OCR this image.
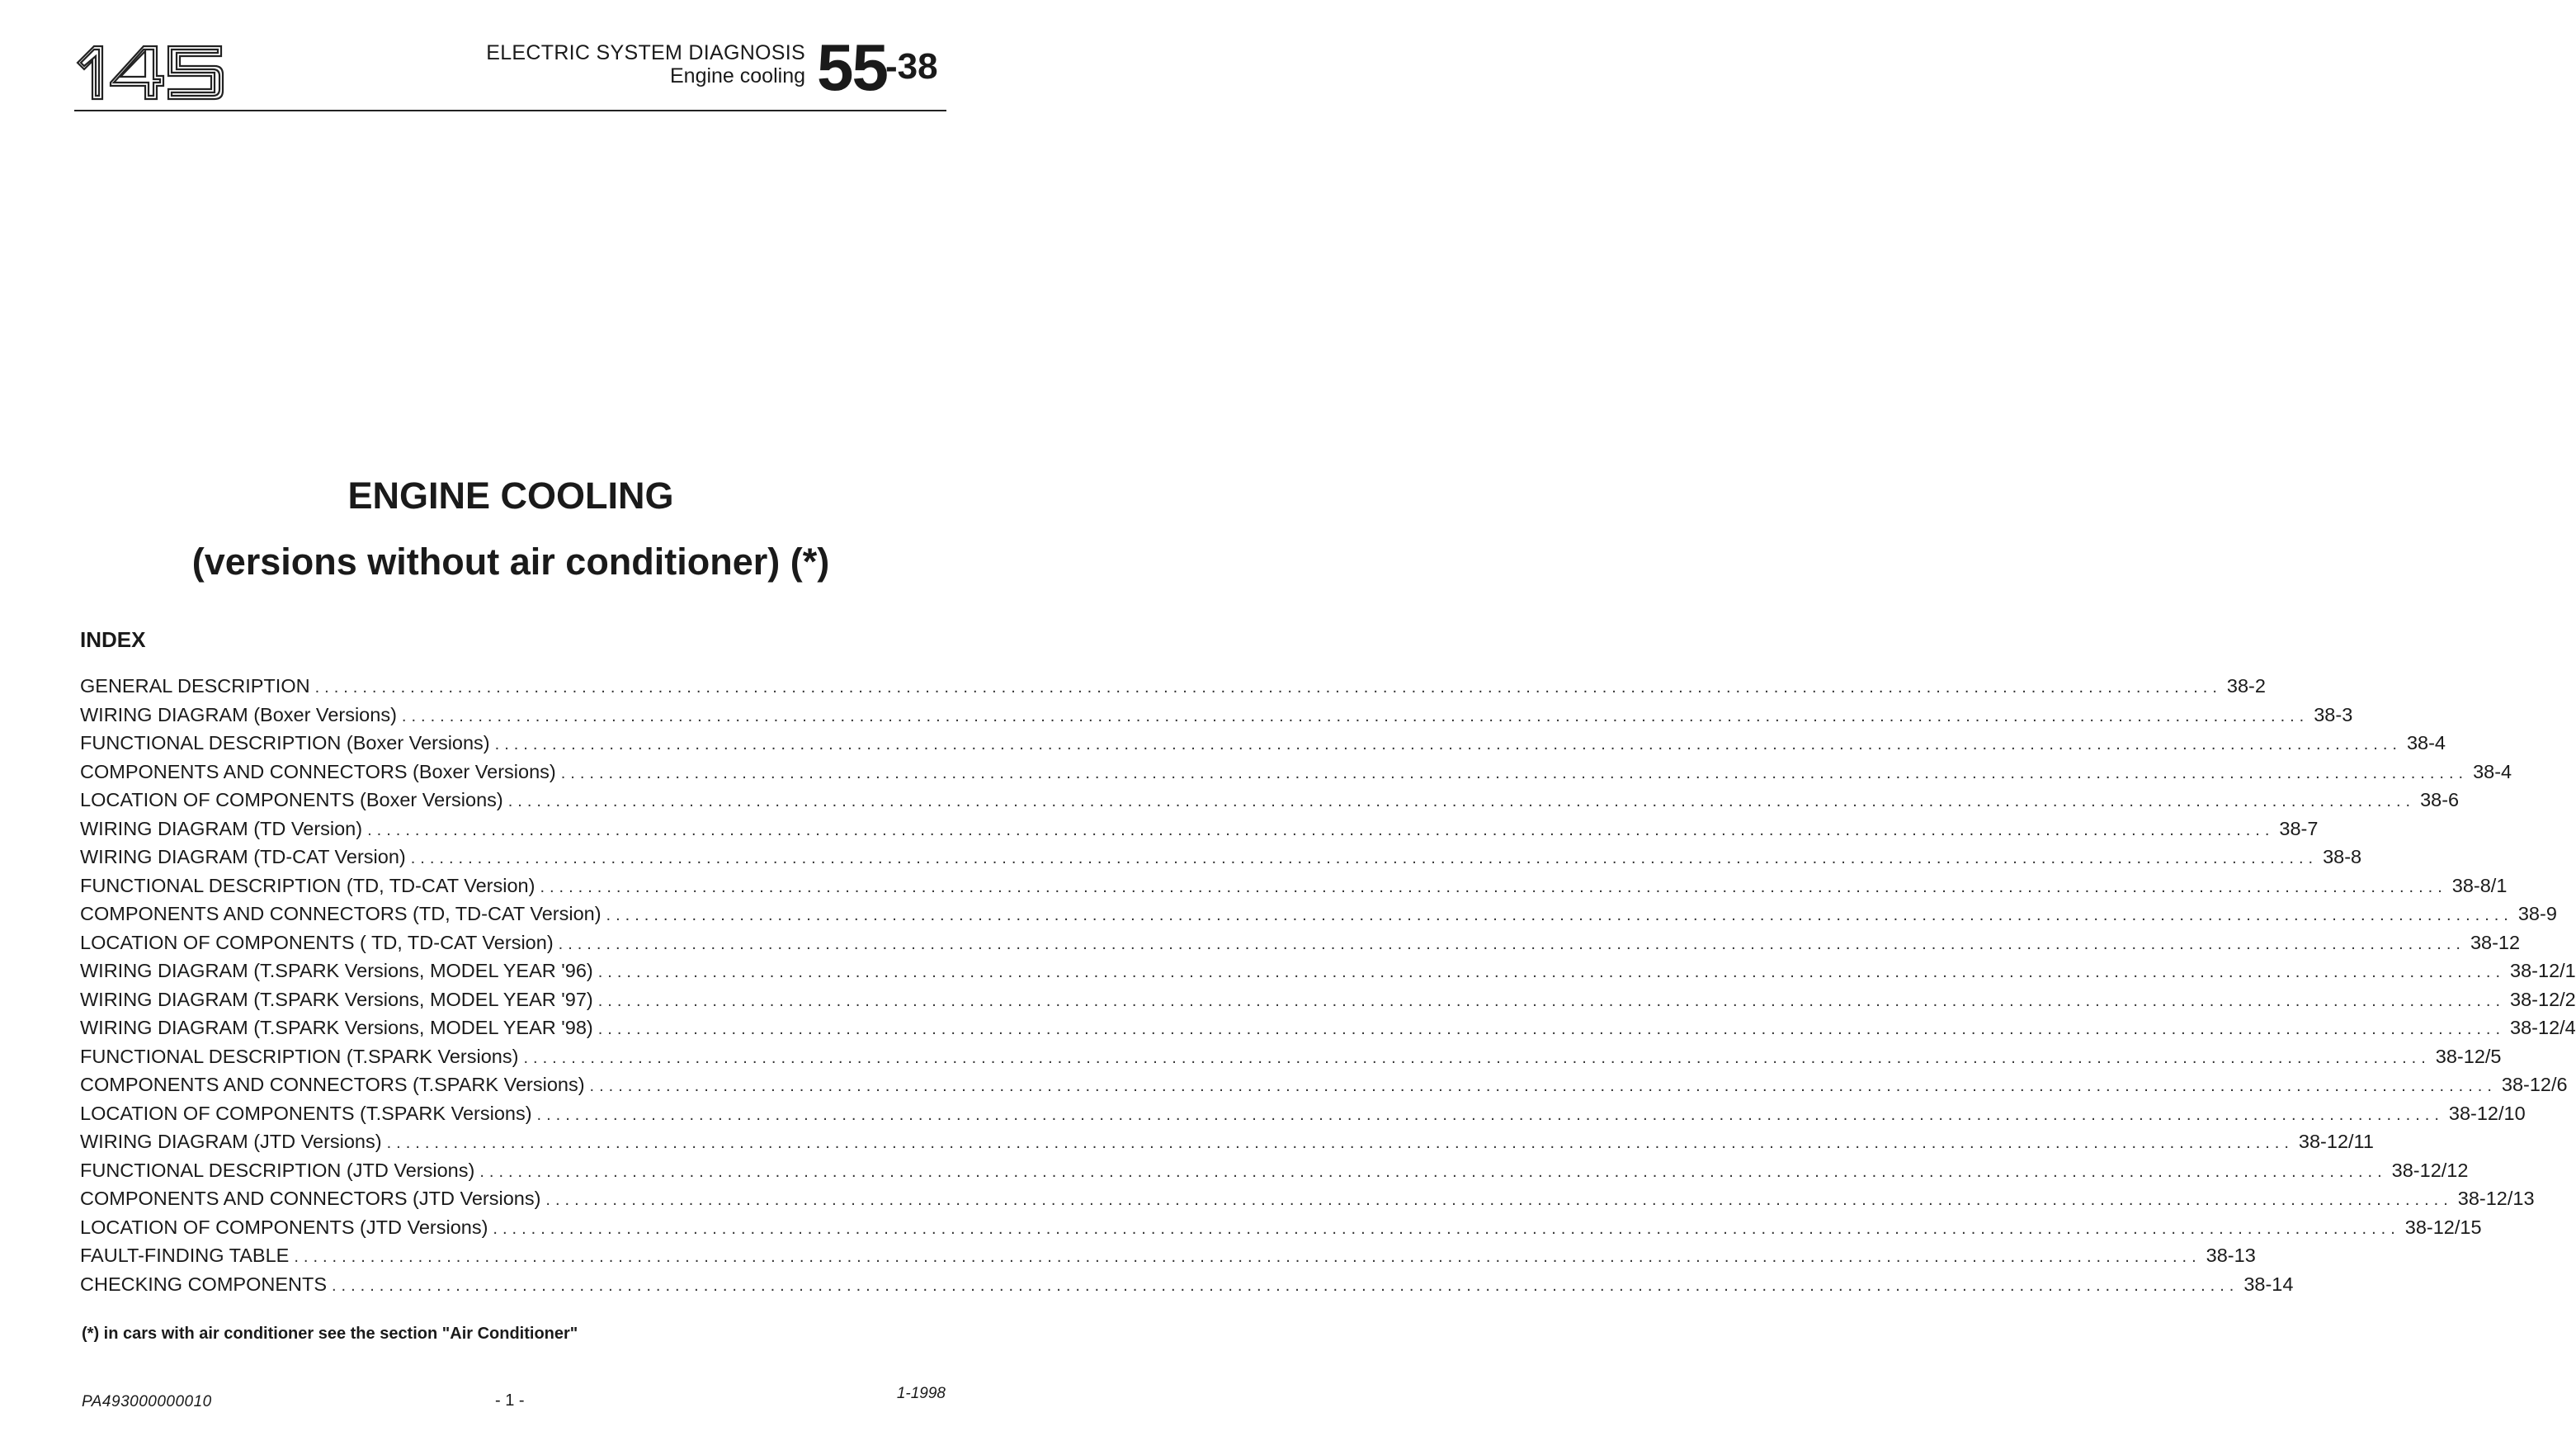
ELECTRIC SYSTEM DIAGNOSIS
Engine cooling 55-38
ENGINE COOLING
(versions without air conditioner) (*)
INDEX
GENERAL DESCRIPTION ........................................................................................................................................................................................................ 38-2
WIRING DIAGRAM (Boxer Versions) ........................................................................................................................................................................................................ 38-3
FUNCTIONAL DESCRIPTION (Boxer Versions) ........................................................................................................................................................................................................ 38-4
COMPONENTS AND CONNECTORS (Boxer Versions) ........................................................................................................................................................................................................ 38-4
LOCATION OF COMPONENTS (Boxer Versions) ........................................................................................................................................................................................................ 38-6
WIRING DIAGRAM (TD Version) ........................................................................................................................................................................................................ 38-7
WIRING DIAGRAM (TD-CAT Version) ........................................................................................................................................................................................................ 38-8
FUNCTIONAL DESCRIPTION (TD, TD-CAT Version) ........................................................................................................................................................................................................ 38-8/1
COMPONENTS AND CONNECTORS (TD, TD-CAT Version) ........................................................................................................................................................................................................ 38-9
LOCATION OF COMPONENTS ( TD, TD-CAT Version) ........................................................................................................................................................................................................ 38-12
WIRING DIAGRAM (T.SPARK Versions, MODEL YEAR '96) ........................................................................................................................................................................................................ 38-12/1
WIRING DIAGRAM (T.SPARK Versions, MODEL YEAR '97) ........................................................................................................................................................................................................ 38-12/2
WIRING DIAGRAM (T.SPARK Versions, MODEL YEAR '98) ........................................................................................................................................................................................................ 38-12/4
FUNCTIONAL DESCRIPTION (T.SPARK Versions) ........................................................................................................................................................................................................ 38-12/5
COMPONENTS AND CONNECTORS (T.SPARK Versions) ........................................................................................................................................................................................................ 38-12/6
LOCATION OF COMPONENTS (T.SPARK Versions) ........................................................................................................................................................................................................ 38-12/10
WIRING DIAGRAM (JTD Versions) ........................................................................................................................................................................................................ 38-12/11
FUNCTIONAL DESCRIPTION (JTD Versions) ........................................................................................................................................................................................................ 38-12/12
COMPONENTS AND CONNECTORS (JTD Versions) ........................................................................................................................................................................................................ 38-12/13
LOCATION OF COMPONENTS (JTD Versions) ........................................................................................................................................................................................................ 38-12/15
FAULT-FINDING TABLE ........................................................................................................................................................................................................ 38-13
CHECKING COMPONENTS ........................................................................................................................................................................................................ 38-14
(*) in cars with air conditioner see the section "Air Conditioner"
PA493000000010	- 1 -	1-1998
